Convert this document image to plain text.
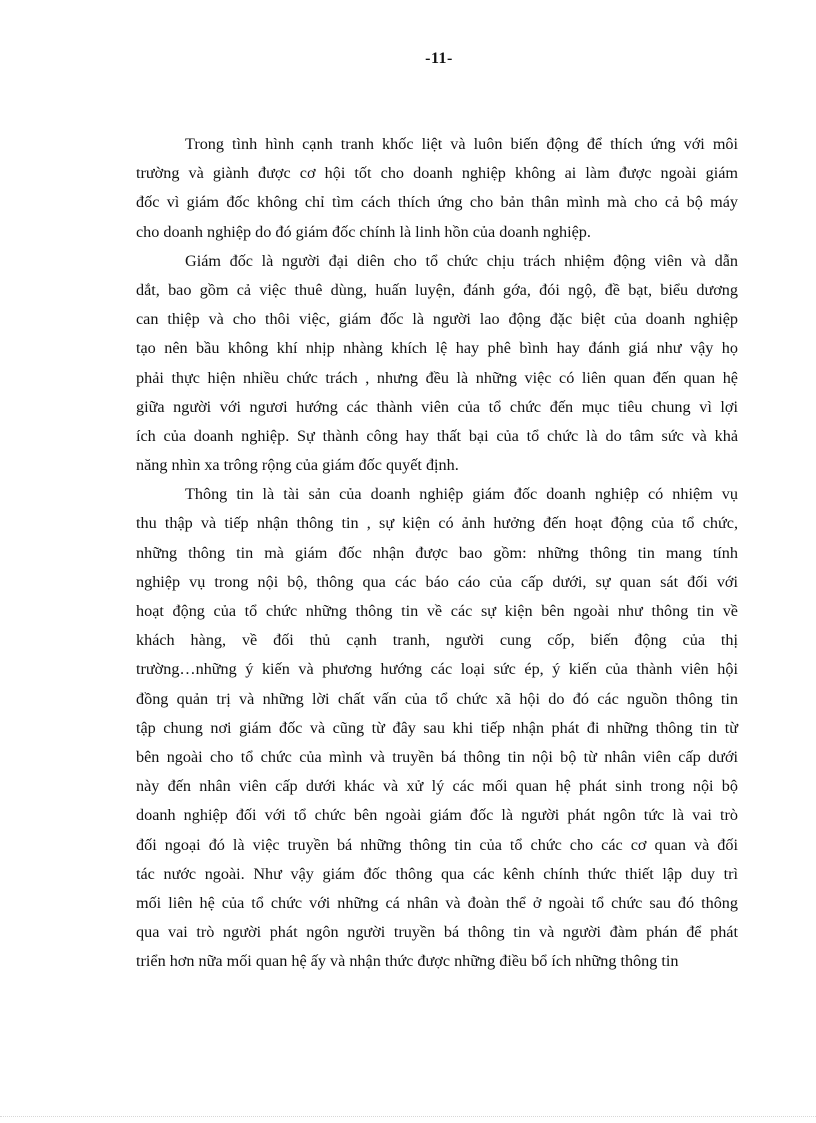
-11-
Trong tình hình cạnh tranh khốc liệt và luôn biến động để thích ứng với môi
trường và giành được cơ hội tốt cho doanh nghiệp không ai làm được ngoài giám
đốc vì giám đốc không chỉ tìm cách thích ứng cho bản thân mình mà cho cả bộ máy
cho doanh nghiệp do đó giám đốc chính là linh hồn của doanh nghiệp.
Giám đốc là người đại diên cho tổ chức chịu trách nhiệm động viên và dẫn
dắt, bao gồm cả việc thuê dùng, huấn luyện, đánh gớa, đói ngộ, đề bạt, biểu dương
can thiệp và cho thôi việc, giám đốc là người lao động đặc biệt của doanh nghiệp
tạo nên bầu không khí nhịp nhàng khích lệ hay phê bình hay đánh giá như vậy họ
phải thực hiện nhiều chức trách , nhưng đều là những việc có liên quan đến quan hệ
giữa người với ngươi hướng các thành viên của tổ chức đến mục tiêu chung vì lợi
ích của doanh nghiệp. Sự thành công hay thất bại của tổ chức là do tâm sức và khả
năng nhìn xa trông rộng của giám đốc quyết định.
Thông tin là tài sản của doanh nghiệp giám đốc doanh nghiệp có nhiệm vụ
thu thập và tiếp nhận thông tin , sự kiện có ảnh hưởng đến hoạt động của tổ chức,
những thông tin mà giám đốc nhận được bao gồm: những thông tin mang tính
nghiệp vụ trong nội bộ, thông qua các báo cáo của cấp dưới, sự quan sát đối với
hoạt động của tổ chức những thông tin về các sự kiện bên ngoài như thông tin về
khách hàng, về đối thủ cạnh tranh, người cung cốp, biến động của thị
trường…những ý kiến và phương hướng các loại sức ép, ý kiến của thành viên hội
đồng quản trị và những lời chất vấn của tổ chức xã hội do đó các nguồn thông tin
tập chung nơi giám đốc và cũng từ đây sau khi tiếp nhận phát đi những thông tin từ
bên ngoài cho tổ chức của mình và truyền bá thông tin nội bộ từ nhân viên cấp dưới
này đến nhân viên cấp dưới khác và xử lý các mối quan hệ phát sinh trong nội bộ
doanh nghiệp đối với tổ chức bên ngoài giám đốc là người phát ngôn tức là vai trò
đối ngoại đó là việc truyền bá những thông tin của tổ chức cho các cơ quan và đối
tác nước ngoài. Như vậy giám đốc thông qua các kênh chính thức thiết lập duy trì
mối liên hệ của tổ chức với những cá nhân và đoàn thể ở ngoài tổ chức sau đó thông
qua vai trò người phát ngôn người truyền bá thông tin và người đàm phán để phát
triển hơn nữa mối quan hệ ấy và nhận thức được những điều bổ ích những thông tin
